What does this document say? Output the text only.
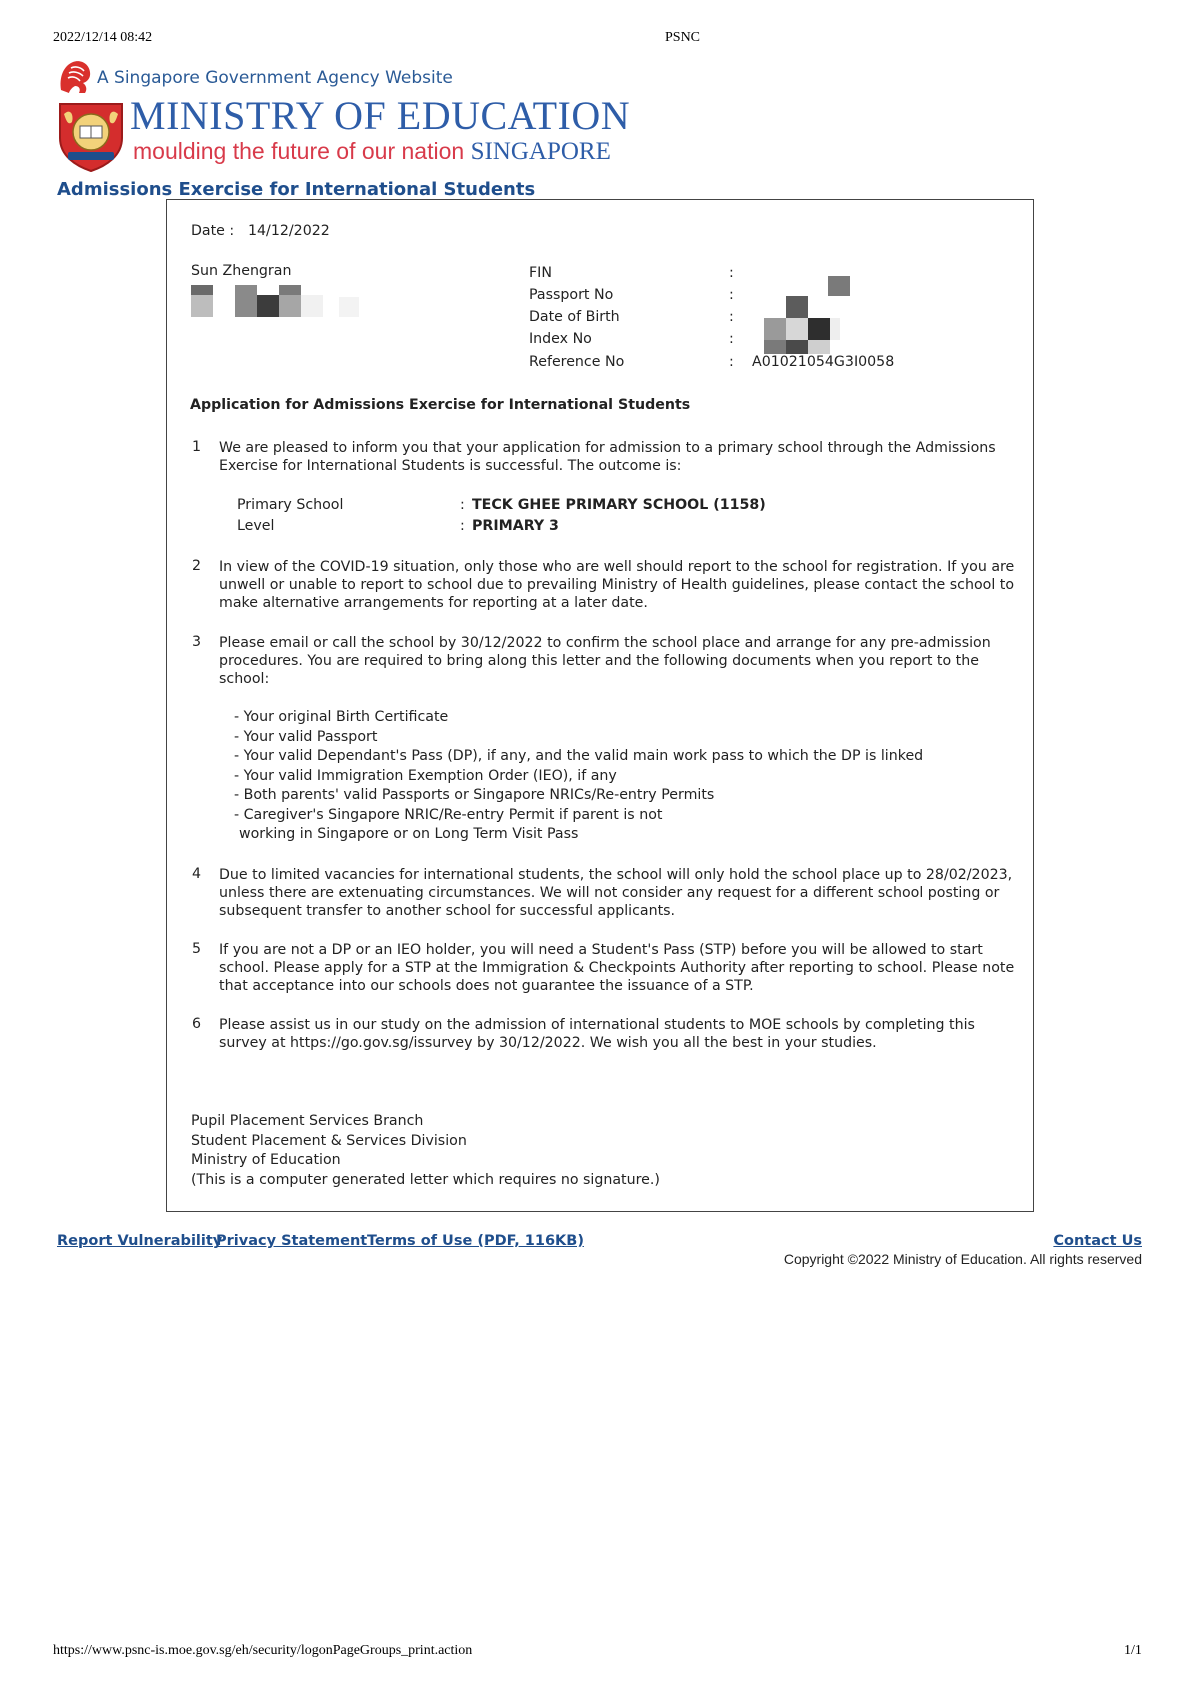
2022/12/14 08:42	PSNC
A Singapore Government Agency Website
MINISTRY OF EDUCATION
moulding the future of our nation SINGAPORE
Admissions Exercise for International Students
Date : 14/12/2022
Sun Zhengran	FIN	:
Passport No	:
Date of Birth	:
Index No	:
Reference No	: A01021054G3I0058
Application for Admissions Exercise for International Students
1 We are pleased to inform you that your application for admission to a primary school through the Admissions Exercise for International Students is successful. The outcome is:
Primary School	: TECK GHEE PRIMARY SCHOOL (1158)
Level	: PRIMARY 3
2 In view of the COVID-19 situation, only those who are well should report to the school for registration. If you are unwell or unable to report to school due to prevailing Ministry of Health guidelines, please contact the school to make alternative arrangements for reporting at a later date.
3 Please email or call the school by 30/12/2022 to confirm the school place and arrange for any pre-admission procedures. You are required to bring along this letter and the following documents when you report to the school:
- Your original Birth Certificate
- Your valid Passport
- Your valid Dependant's Pass (DP), if any, and the valid main work pass to which the DP is linked
- Your valid Immigration Exemption Order (IEO), if any
- Both parents' valid Passports or Singapore NRICs/Re-entry Permits
- Caregiver's Singapore NRIC/Re-entry Permit if parent is not
working in Singapore or on Long Term Visit Pass
4 Due to limited vacancies for international students, the school will only hold the school place up to 28/02/2023, unless there are extenuating circumstances. We will not consider any request for a different school posting or subsequent transfer to another school for successful applicants.
5 If you are not a DP or an IEO holder, you will need a Student's Pass (STP) before you will be allowed to start school. Please apply for a STP at the Immigration & Checkpoints Authority after reporting to school. Please note that acceptance into our schools does not guarantee the issuance of a STP.
6 Please assist us in our study on the admission of international students to MOE schools by completing this survey at https://go.gov.sg/issurvey by 30/12/2022. We wish you all the best in your studies.
Pupil Placement Services Branch
Student Placement & Services Division
Ministry of Education
(This is a computer generated letter which requires no signature.)
Report Vulnerability
Privacy Statement Terms of Use (PDF, 116KB)	Contact Us
Copyright ©2022 Ministry of Education. All rights reserved
https://www.psnc-is.moe.gov.sg/eh/security/logonPageGroups_print.action	1/1
